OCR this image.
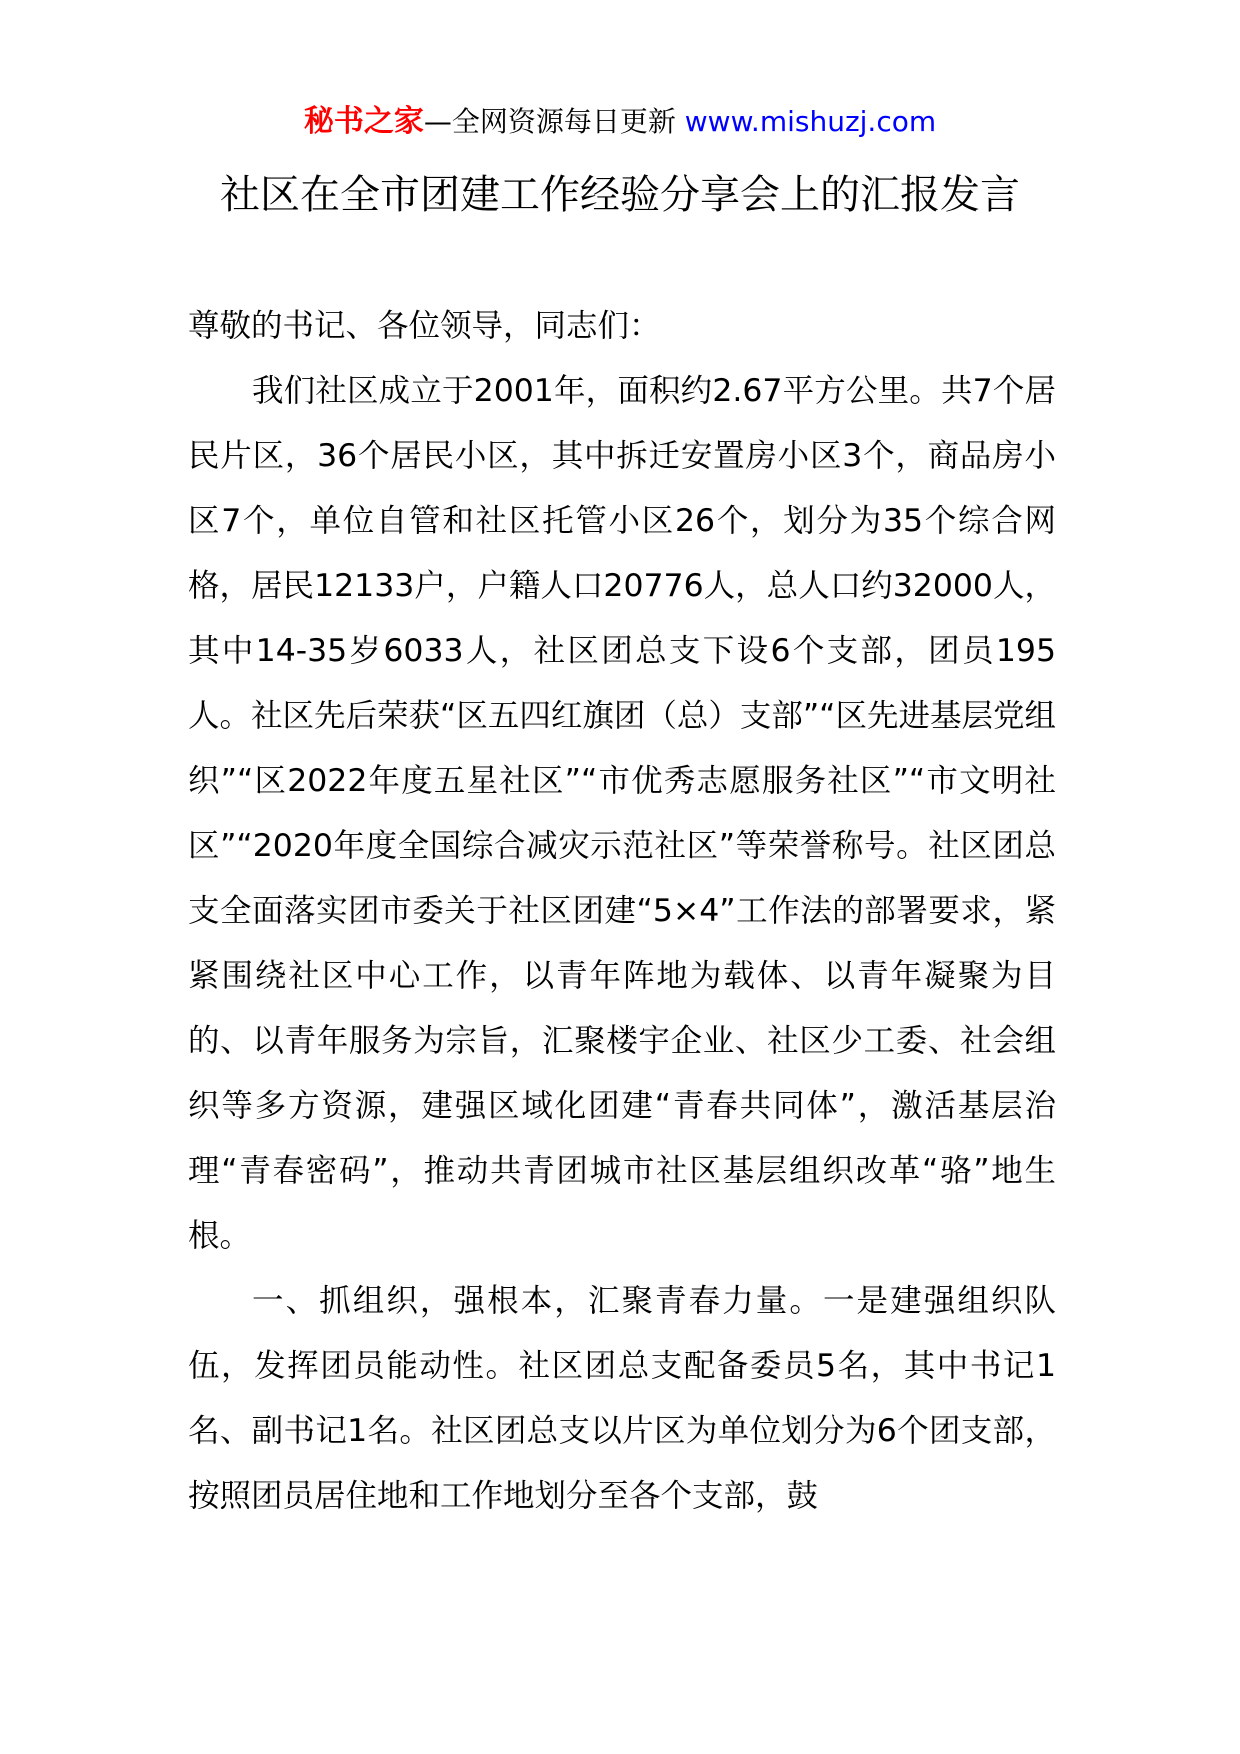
秘书之家—全网资源每日更新 www.mishuzj.com
社区在全市团建工作经验分享会上的汇报发言

尊敬的书记、各位领导，同志们：

我们社区成立于2001年，面积约2.67平方公里。共7个居民片区，36个居民小区，其中拆迁安置房小区3个，商品房小区7个，单位自管和社区托管小区26个，划分为35个综合网格，居民12133户，户籍人口20776人，总人口约32000人，其中14-35岁6033人，社区团总支下设6个支部，团员195人。社区先后荣获“区五四红旗团（总）支部”“区先进基层党组织”“区2022年度五星社区”“市优秀志愿服务社区”“市文明社区”“2020年度全国综合减灾示范社区”等荣誉称号。社区团总支全面落实团市委关于社区团建“5×4”工作法的部署要求，紧紧围绕社区中心工作，以青年阵地为载体、以青年凝聚为目的、以青年服务为宗旨，汇聚楼宇企业、社区少工委、社会组织等多方资源，建强区域化团建“青春共同体”，激活基层治理“青春密码”，推动共青团城市社区基层组织改革“骆”地生根。

一、抓组织，强根本，汇聚青春力量。一是建强组织队伍，发挥团员能动性。社区团总支配备委员5名，其中书记1名、副书记1名。社区团总支以片区为单位划分为6个团支部，按照团员居住地和工作地划分至各个支部，鼓
